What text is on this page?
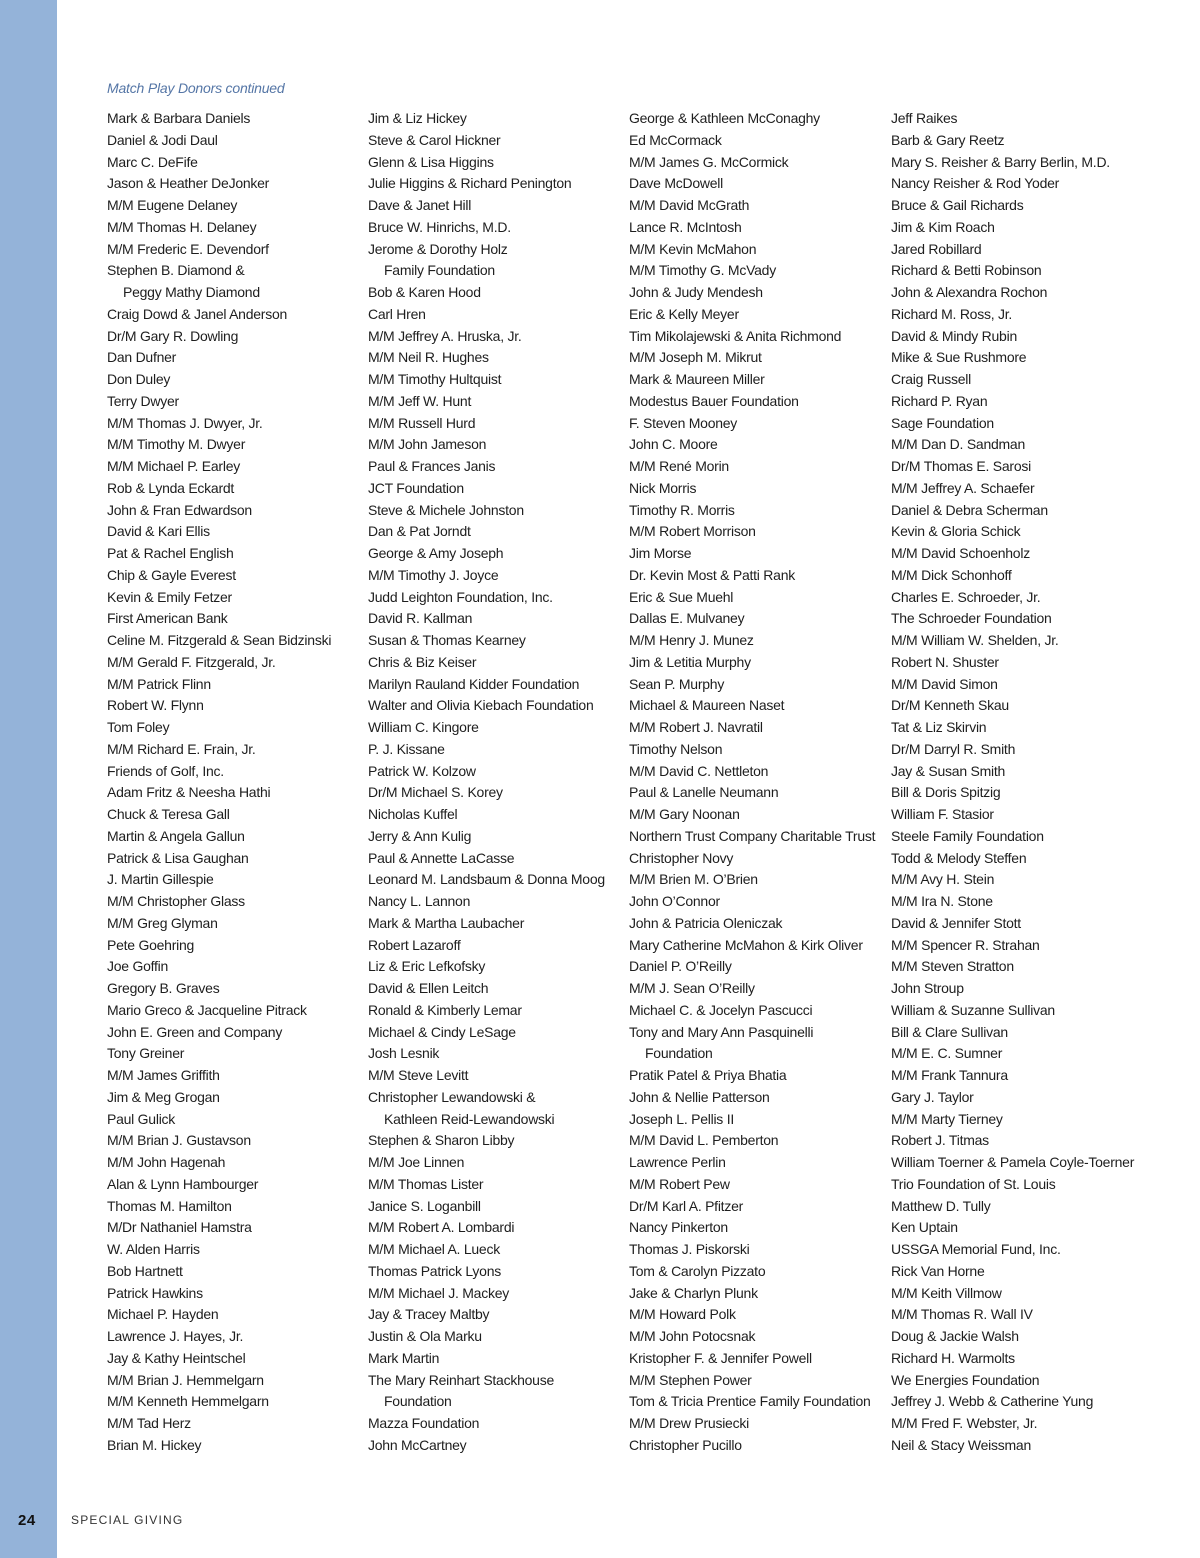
Match Play Donors continued
Mark & Barbara Daniels
Daniel & Jodi Daul
Marc C. DeFife
Jason & Heather DeJonker
M/M Eugene Delaney
M/M Thomas H. Delaney
M/M Frederic E. Devendorf
Stephen B. Diamond &
Peggy Mathy Diamond
Craig Dowd & Janel Anderson
Dr/M Gary R. Dowling
Dan Dufner
Don Duley
Terry Dwyer
M/M Thomas J. Dwyer, Jr.
M/M Timothy M. Dwyer
M/M Michael P. Earley
Rob & Lynda Eckardt
John & Fran Edwardson
David & Kari Ellis
Pat & Rachel English
Chip & Gayle Everest
Kevin & Emily Fetzer
First American Bank
Celine M. Fitzgerald & Sean Bidzinski
M/M Gerald F. Fitzgerald, Jr.
M/M Patrick Flinn
Robert W. Flynn
Tom Foley
M/M Richard E. Frain, Jr.
Friends of Golf, Inc.
Adam Fritz & Neesha Hathi
Chuck & Teresa Gall
Martin & Angela Gallun
Patrick & Lisa Gaughan
J. Martin Gillespie
M/M Christopher Glass
M/M Greg Glyman
Pete Goehring
Joe Goffin
Gregory B. Graves
Mario Greco & Jacqueline Pitrack
John E. Green and Company
Tony Greiner
M/M James Griffith
Jim & Meg Grogan
Paul Gulick
M/M Brian J. Gustavson
M/M John Hagenah
Alan & Lynn Hambourger
Thomas M. Hamilton
M/Dr Nathaniel Hamstra
W. Alden Harris
Bob Hartnett
Patrick Hawkins
Michael P. Hayden
Lawrence J. Hayes, Jr.
Jay & Kathy Heintschel
M/M Brian J. Hemmelgarn
M/M Kenneth Hemmelgarn
M/M Tad Herz
Brian M. Hickey
Jim & Liz Hickey
Steve & Carol Hickner
Glenn & Lisa Higgins
Julie Higgins & Richard Penington
Dave & Janet Hill
Bruce W. Hinrichs, M.D.
Jerome & Dorothy Holz
Family Foundation
Bob & Karen Hood
Carl Hren
M/M Jeffrey A. Hruska, Jr.
M/M Neil R. Hughes
M/M Timothy Hultquist
M/M Jeff W. Hunt
M/M Russell Hurd
M/M John Jameson
Paul & Frances Janis
JCT Foundation
Steve & Michele Johnston
Dan & Pat Jorndt
George & Amy Joseph
M/M Timothy J. Joyce
Judd Leighton Foundation, Inc.
David R. Kallman
Susan & Thomas Kearney
Chris & Biz Keiser
Marilyn Rauland Kidder Foundation
Walter and Olivia Kiebach Foundation
William C. Kingore
P. J. Kissane
Patrick W. Kolzow
Dr/M Michael S. Korey
Nicholas Kuffel
Jerry & Ann Kulig
Paul & Annette LaCasse
Leonard M. Landsbaum & Donna Moog
Nancy L. Lannon
Mark & Martha Laubacher
Robert Lazaroff
Liz & Eric Lefkofsky
David & Ellen Leitch
Ronald & Kimberly Lemar
Michael & Cindy LeSage
Josh Lesnik
M/M Steve Levitt
Christopher Lewandowski &
Kathleen Reid-Lewandowski
Stephen & Sharon Libby
M/M Joe Linnen
M/M Thomas Lister
Janice S. Loganbill
M/M Robert A. Lombardi
M/M Michael A. Lueck
Thomas Patrick Lyons
M/M Michael J. Mackey
Jay & Tracey Maltby
Justin & Ola Marku
Mark Martin
The Mary Reinhart Stackhouse
Foundation
Mazza Foundation
John McCartney
George & Kathleen McConaghy
Ed McCormack
M/M James G. McCormick
Dave McDowell
M/M David McGrath
Lance R. McIntosh
M/M Kevin McMahon
M/M Timothy G. McVady
John & Judy Mendesh
Eric & Kelly Meyer
Tim Mikolajewski & Anita Richmond
M/M Joseph M. Mikrut
Mark & Maureen Miller
Modestus Bauer Foundation
F. Steven Mooney
John C. Moore
M/M René Morin
Nick Morris
Timothy R. Morris
M/M Robert Morrison
Jim Morse
Dr. Kevin Most & Patti Rank
Eric & Sue Muehl
Dallas E. Mulvaney
M/M Henry J. Munez
Jim & Letitia Murphy
Sean P. Murphy
Michael & Maureen Naset
M/M Robert J. Navratil
Timothy Nelson
M/M David C. Nettleton
Paul & Lanelle Neumann
M/M Gary Noonan
Northern Trust Company Charitable Trust
Christopher Novy
M/M Brien M. O’Brien
John O’Connor
John & Patricia Oleniczak
Mary Catherine McMahon & Kirk Oliver
Daniel P. O’Reilly
M/M J. Sean O’Reilly
Michael C. & Jocelyn Pascucci
Tony and Mary Ann Pasquinelli
Foundation
Pratik Patel & Priya Bhatia
John & Nellie Patterson
Joseph L. Pellis II
M/M David L. Pemberton
Lawrence Perlin
M/M Robert Pew
Dr/M Karl A. Pfitzer
Nancy Pinkerton
Thomas J. Piskorski
Tom & Carolyn Pizzato
Jake & Charlyn Plunk
M/M Howard Polk
M/M John Potocsnak
Kristopher F. & Jennifer Powell
M/M Stephen Power
Tom & Tricia Prentice Family Foundation
M/M Drew Prusiecki
Christopher Pucillo
Jeff Raikes
Barb & Gary Reetz
Mary S. Reisher & Barry Berlin, M.D.
Nancy Reisher & Rod Yoder
Bruce & Gail Richards
Jim & Kim Roach
Jared Robillard
Richard & Betti Robinson
John & Alexandra Rochon
Richard M. Ross, Jr.
David & Mindy Rubin
Mike & Sue Rushmore
Craig Russell
Richard P. Ryan
Sage Foundation
M/M Dan D. Sandman
Dr/M Thomas E. Sarosi
M/M Jeffrey A. Schaefer
Daniel & Debra Scherman
Kevin & Gloria Schick
M/M David Schoenholz
M/M Dick Schonhoff
Charles E. Schroeder, Jr.
The Schroeder Foundation
M/M William W. Shelden, Jr.
Robert N. Shuster
M/M David Simon
Dr/M Kenneth Skau
Tat & Liz Skirvin
Dr/M Darryl R. Smith
Jay & Susan Smith
Bill & Doris Spitzig
William F. Stasior
Steele Family Foundation
Todd & Melody Steffen
M/M Avy H. Stein
M/M Ira N. Stone
David & Jennifer Stott
M/M Spencer R. Strahan
M/M Steven Stratton
John Stroup
William & Suzanne Sullivan
Bill & Clare Sullivan
M/M E. C. Sumner
M/M Frank Tannura
Gary J. Taylor
M/M Marty Tierney
Robert J. Titmas
William Toerner & Pamela Coyle-Toerner
Trio Foundation of St. Louis
Matthew D. Tully
Ken Uptain
USSGA Memorial Fund, Inc.
Rick Van Horne
M/M Keith Villmow
M/M Thomas R. Wall IV
Doug & Jackie Walsh
Richard H. Warmolts
We Energies Foundation
Jeffrey J. Webb & Catherine Yung
M/M Fred F. Webster, Jr.
Neil & Stacy Weissman
24	SPECIAL GIVING
